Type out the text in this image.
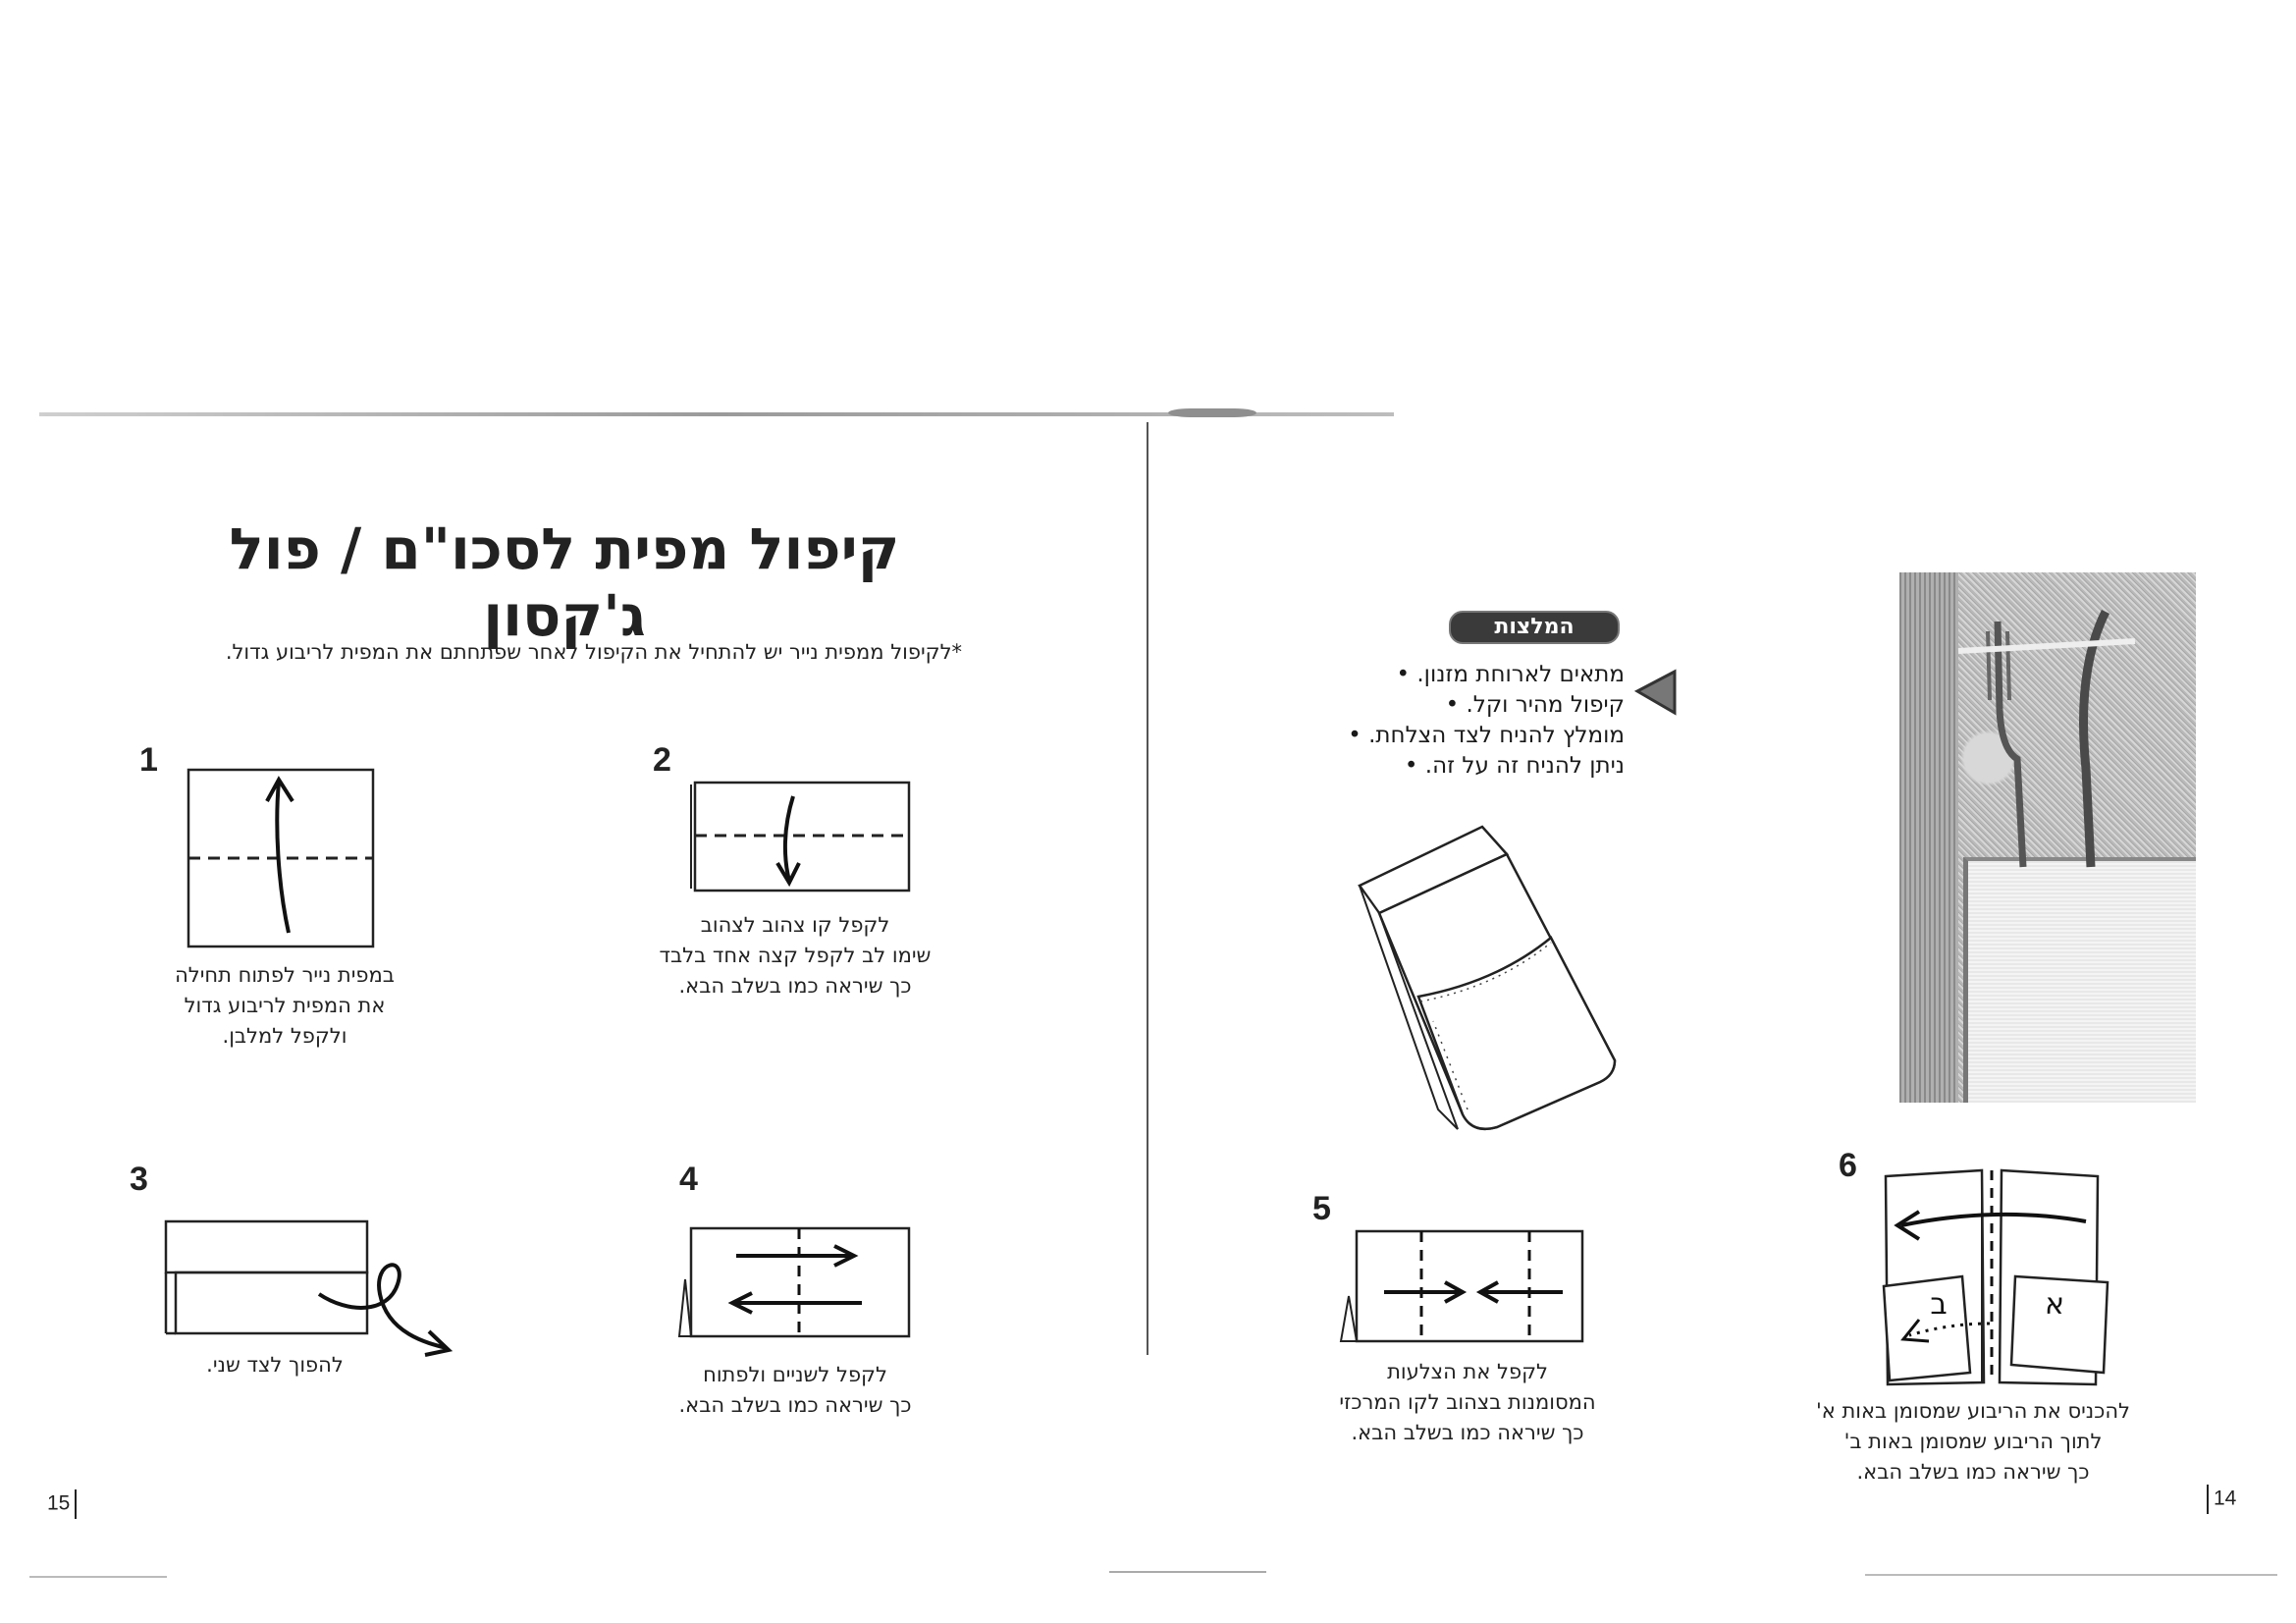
קיפול מפית לסכו"ם / פול ג'קסון
*לקיפול ממפית נייר יש להתחיל את הקיפול לאחר שפתחתם את המפית לריבוע גדול.
1
במפית נייר לפתוח תחילה
את המפית לריבוע גדול
ולקפל למלבן.
2
לקפל קו צהוב לצהוב
שימו לב לקפל קצה אחד בלבד
כך שיראה כמו בשלב הבא.
3
להפוך לצד שני.
4
לקפל לשניים ולפתוח
כך שיראה כמו בשלב הבא.
15
המלצות
מתאים לארוחת מזנון. •
קיפול מהיר וקל. •
מומלץ להניח לצד הצלחת. •
ניתן להניח זה על זה. •
5
לקפל את הצלעות
המסומנות בצהוב לקו המרכזי
כך שיראה כמו בשלב הבא.
6
א
ב
להכניס את הריבוע שמסומן באות א'
לתוך הריבוע שמסומן באות ב'
כך שיראה כמו בשלב הבא.
14
